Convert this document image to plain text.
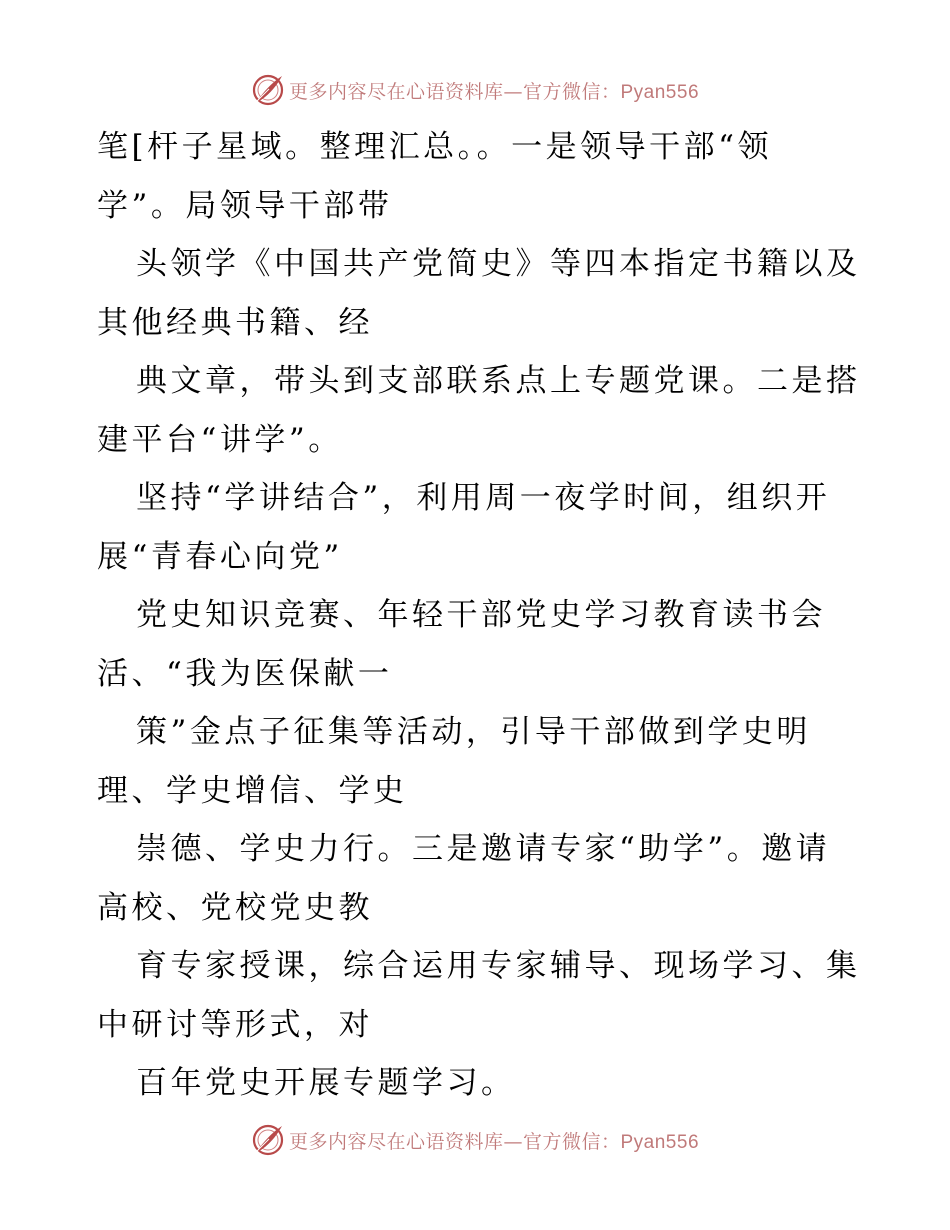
更多内容尽在心语资料库—官方微信：Pyan556
笔[杆子星域。整理汇总。。一是领导干部“领
学”。局领导干部带
头领学《中国共产党简史》等四本指定书籍以及
其他经典书籍、经
典文章，带头到支部联系点上专题党课。二是搭
建平台“讲学”。
坚持“学讲结合”，利用周一夜学时间，组织开
展“青春心向党”
党史知识竞赛、年轻干部党史学习教育读书会
活、“我为医保献一
策”金点子征集等活动，引导干部做到学史明
理、学史增信、学史
崇德、学史力行。三是邀请专家“助学”。邀请
高校、党校党史教
育专家授课，综合运用专家辅导、现场学习、集
中研讨等形式，对
百年党史开展专题学习。
更多内容尽在心语资料库—官方微信：Pyan556
